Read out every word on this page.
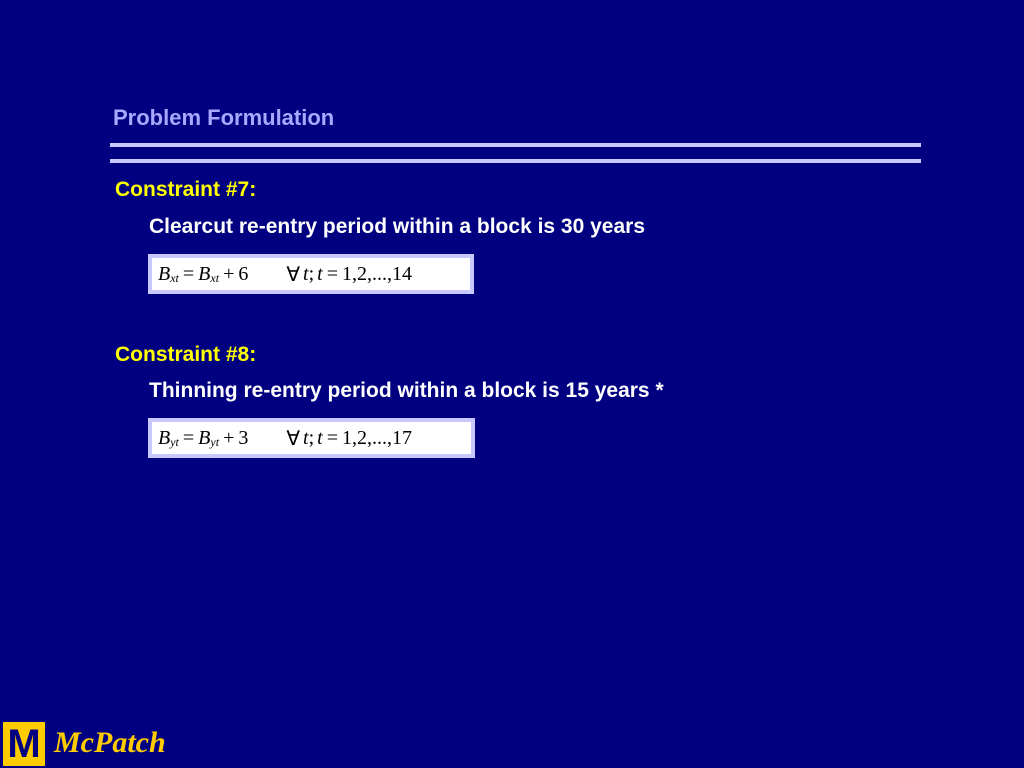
Problem Formulation
Constraint #7:
Clearcut re-entry period within a block is 30 years
B xt = B xt + 6 ∀ t ; t = 1,2,...,14
Constraint #8:
Thinning re-entry period within a block is 15 years *
B yt = B yt + 3 ∀ t ; t = 1,2,...,17
M McPatch
